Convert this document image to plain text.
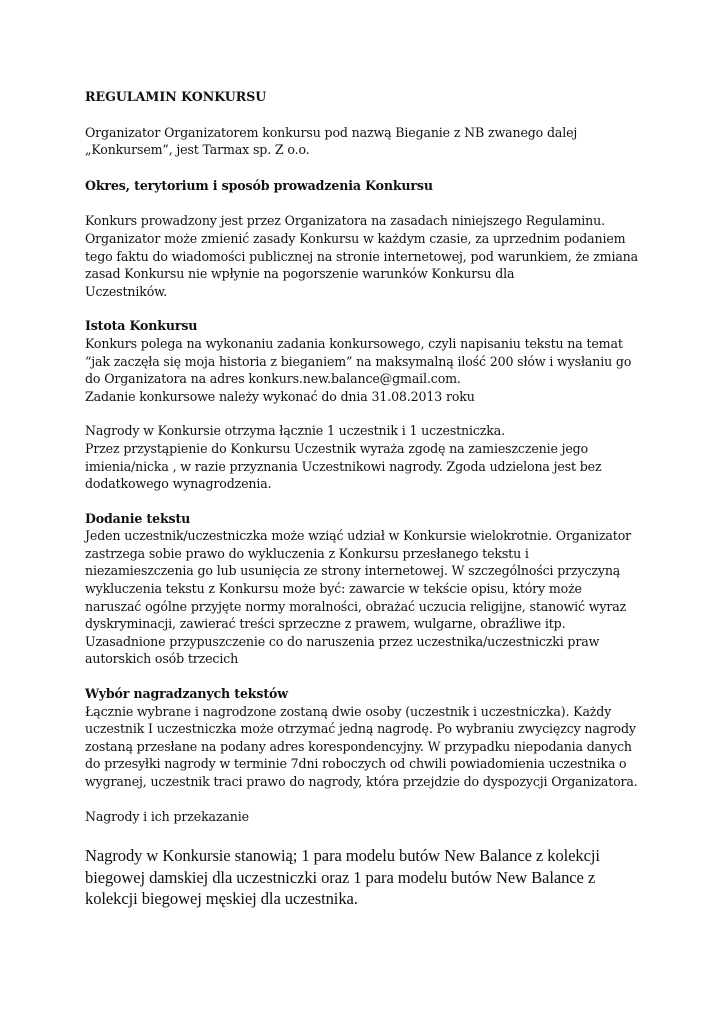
REGULAMIN KONKURSU
Organizator Organizatorem konkursu pod nazwą Bieganie z NB zwanego dalej
„Konkursem”, jest Tarmax sp. Z o.o.
Okres, terytorium i sposób prowadzenia Konkursu
Konkurs prowadzony jest przez Organizatora na zasadach niniejszego Regulaminu.
Organizator może zmienić zasady Konkursu w każdym czasie, za uprzednim podaniem
tego faktu do wiadomości publicznej na stronie internetowej, pod warunkiem, że zmiana
zasad Konkursu nie wpłynie na pogorszenie warunków Konkursu dla
Uczestników.
Istota Konkursu
Konkurs polega na wykonaniu zadania konkursowego, czyli napisaniu tekstu na temat
“jak zaczęła się moja historia z bieganiem” na maksymalną ilość 200 słów i wysłaniu go
do Organizatora na adres konkurs.new.balance@gmail.com.
Zadanie konkursowe należy wykonać do dnia 31.08.2013 roku
Nagrody w Konkursie otrzyma łącznie 1 uczestnik i 1 uczestniczka.
Przez przystąpienie do Konkursu Uczestnik wyraża zgodę na zamieszczenie jego
imienia/nicka , w razie przyznania Uczestnikowi nagrody. Zgoda udzielona jest bez
dodatkowego wynagrodzenia.
Dodanie tekstu
Jeden uczestnik/uczestniczka może wziąć udział w Konkursie wielokrotnie. Organizator
zastrzega sobie prawo do wykluczenia z Konkursu przesłanego tekstu i
niezamieszczenia go lub usunięcia ze strony internetowej. W szczególności przyczyną
wykluczenia tekstu z Konkursu może być: zawarcie w tekście opisu, który może
naruszać ogólne przyjęte normy moralności, obrażać uczucia religijne, stanowić wyraz
dyskryminacji, zawierać treści sprzeczne z prawem, wulgarne, obraźliwe itp.
Uzasadnione przypuszczenie co do naruszenia przez uczestnika/uczestniczki praw
autorskich osób trzecich
Wybór nagradzanych tekstów
Łącznie wybrane i nagrodzone zostaną dwie osoby (uczestnik i uczestniczka). Każdy
uczestnik I uczestniczka może otrzymać jedną nagrodę. Po wybraniu zwycięzcy nagrody
zostaną przesłane na podany adres korespondencyjny. W przypadku niepodania danych
do przesyłki nagrody w terminie 7dni roboczych od chwili powiadomienia uczestnika o
wygranej, uczestnik traci prawo do nagrody, która przejdzie do dyspozycji Organizatora.
Nagrody i ich przekazanie
Nagrody w Konkursie stanowią; 1 para modelu butów New Balance z kolekcji
biegowej damskiej dla uczestniczki oraz 1 para modelu butów New Balance z
kolekcji biegowej męskiej dla uczestnika.
